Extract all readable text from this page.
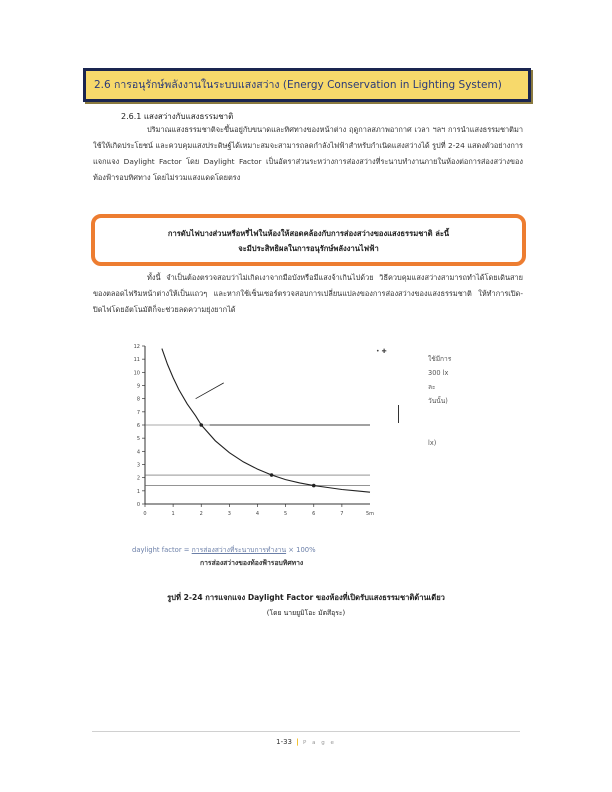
2.6 การอนุรักษ์พลังงานในระบบแสงสว่าง (Energy Conservation in Lighting System)
2.6.1 แสงสว่างกับแสงธรรมชาติ
ปริมาณแสงธรรมชาติจะขึ้นอยู่กับขนาดและทิศทางของหน้าต่าง ฤดูกาลสภาพอากาศ เวลา ฯลฯ การนำแสงธรรมชาติมาใช้ให้เกิดประโยชน์ และควบคุมแสงประดิษฐ์ได้เหมาะสมจะสามารถลดกำลังไฟฟ้าสำหรับกำเนิดแสงสว่างได้ รูปที่ 2-24 แสดงตัวอย่างการแจกแจง Daylight Factor โดย Daylight Factor เป็นอัตราส่วนระหว่างการส่องสว่างที่ระนาบทำงานภายในห้องต่อการส่องสว่างของท้องฟ้ารอบทิศทาง โดยไม่รวมแสงแดดโดยตรง
การดับไฟบางส่วนหรือหรี่ไฟในห้องให้สอดคล้องกับการส่องสว่างของแสงธรรมชาติ ล่ะนี้
จะมีประสิทธิผลในการอนุรักษ์พลังงานไฟฟ้า
ทั้งนี้ จำเป็นต้องตรวจสอบว่าไม่เกิดเงาจากมือบังหรือมีแสงจ้าเกินไปด้วย วิธีควบคุมแสงสว่างสามารถทำได้โดยเดินสายของตลอดไฟริมหน้าต่างให้เป็นแถวๆ และหากใช้เซ็นเซอร์ตรวจสอบการเปลี่ยนแปลงของการส่องสว่างของแสงธรรมชาติ ให้ทำการเปิด-ปิดไฟโดยอัตโนมัติก็จะช่วยลดความยุ่งยากได้
0
1
2
3
4
5
6
7
8
9
10
11
12
0	1	2	3	4	5	6	7	5m
• ✚
ใช้มีการ
300 lx
ละ
วันนั้น)

lx)
daylight factor = การส่องสว่างที่ระนาบการทำงาน × 100%
การส่องสว่างของท้องฟ้ารอบทิศทาง
รูปที่ 2-24 การแจกแจง Daylight Factor ของห้องที่เปิดรับแสงธรรมชาติด้านเดียว
(โดย นายยูมิโอะ มัตสึอุระ)
1-33 | P a g e
